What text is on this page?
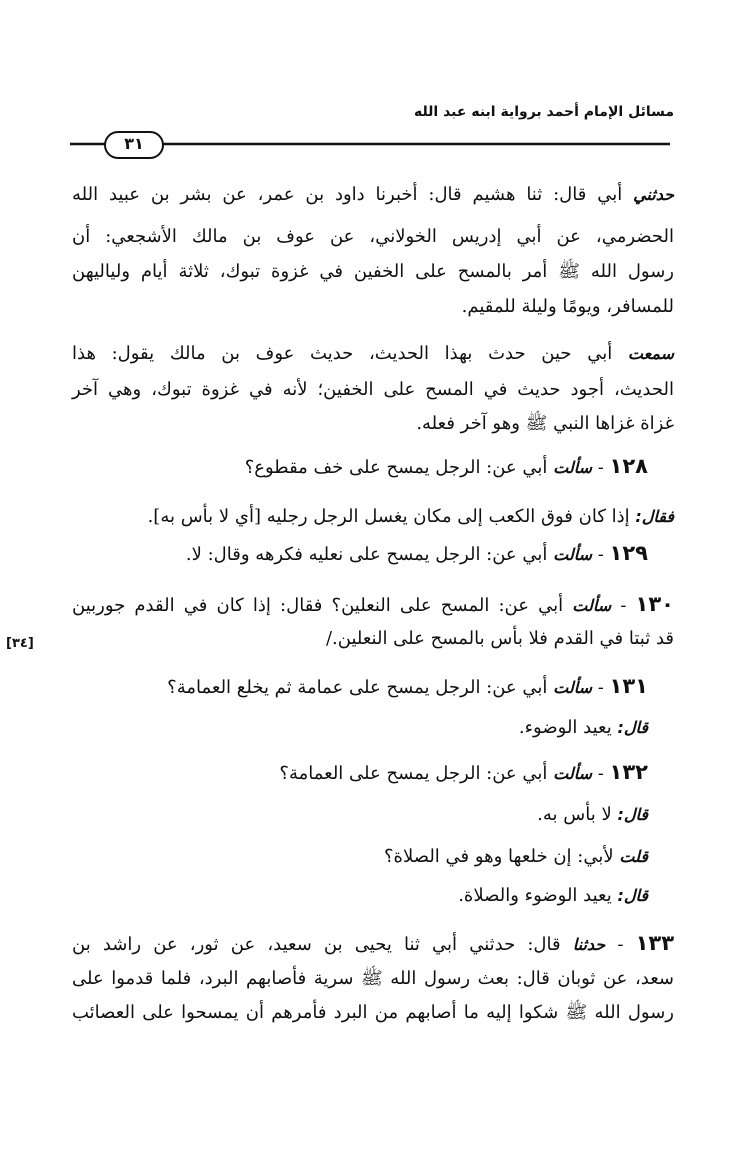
مسائل الإمام أحمد برواية ابنه عبد الله
٣١
[٣٤]
حدثني أبي قال: ثنا هشيم قال: أخبرنا داود بن عمر، عن بشر بن عبيد الله
الحضرمي، عن أبي إدريس الخولاني، عن عوف بن مالك الأشجعي: أن
رسول الله ﷺ أمر بالمسح على الخفين في غزوة تبوك، ثلاثة أيام ولياليهن
للمسافر، ويومًا وليلة للمقيم.
سمعت أبي حين حدث بهذا الحديث، حديث عوف بن مالك يقول: هذا
الحديث، أجود حديث في المسح على الخفين؛ لأنه في غزوة تبوك، وهي آخر
غزاة غزاها النبي ﷺ وهو آخر فعله.
١٢٨ - سألت أبي عن: الرجل يمسح على خف مقطوع؟
فقال: إذا كان فوق الكعب إلى مكان يغسل الرجل رجليه [أي لا بأس به].
١٢٩ - سألت أبي عن: الرجل يمسح على نعليه فكرهه وقال: لا.
١٣٠ - سألت أبي عن: المسح على النعلين؟ فقال: إذا كان في القدم جوربين
قد ثبتا في القدم فلا بأس بالمسح على النعلين./
١٣١ - سألت أبي عن: الرجل يمسح على عمامة ثم يخلع العمامة؟
قال: يعيد الوضوء.
١٣٢ - سألت أبي عن: الرجل يمسح على العمامة؟
قال: لا بأس به.
قلت لأبي: إن خلعها وهو في الصلاة؟
قال: يعيد الوضوء والصلاة.
١٣٣ - حدثنا قال: حدثني أبي ثنا يحيى بن سعيد، عن ثور، عن راشد بن
سعد، عن ثوبان قال: بعث رسول الله ﷺ سرية فأصابهم البرد، فلما قدموا على
رسول الله ﷺ شكوا إليه ما أصابهم من البرد فأمرهم أن يمسحوا على العصائب
